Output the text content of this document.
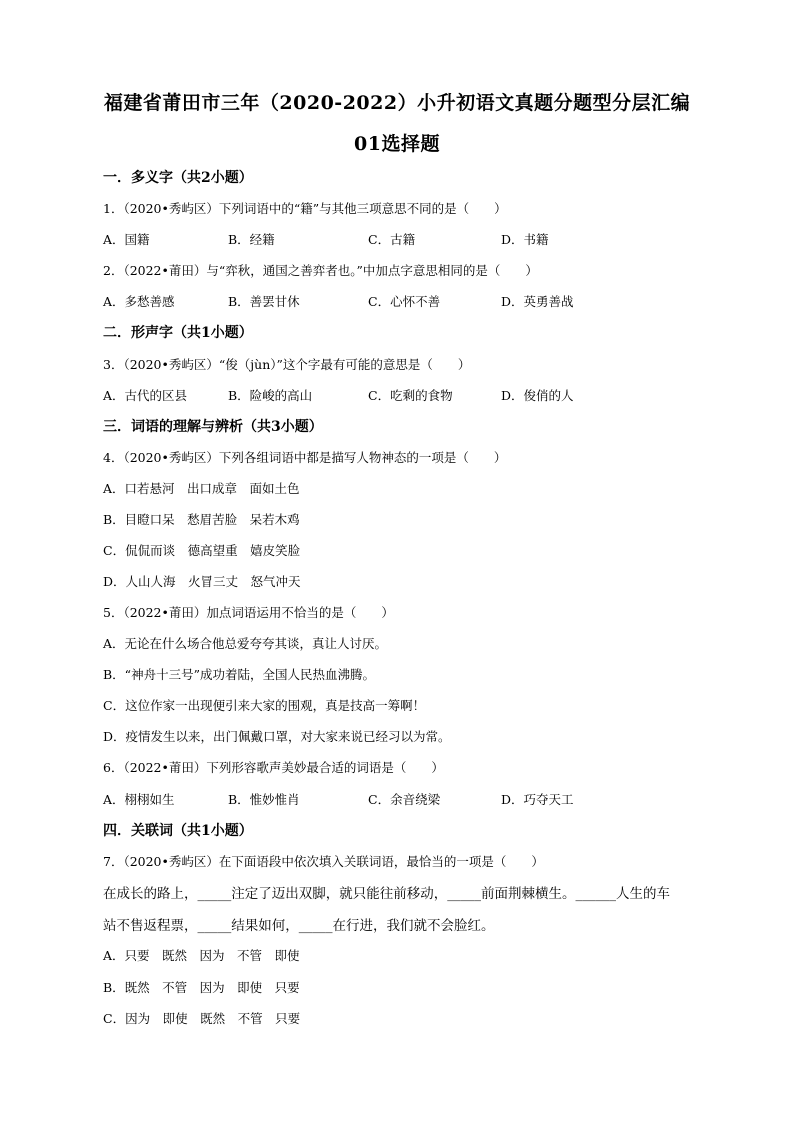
福建省莆田市三年（2020-2022）小升初语文真题分题型分层汇编
01选择题
一．多义字（共2小题）
1．（2020•秀屿区）下列词语中的“籍”与其他三项意思不同的是（　　）
A．国籍	B．经籍	C．古籍	D．书籍
2．（2022•莆田）与“弈秋，通国之善弈者也。”中加点字意思相同的是（　　）
A．多愁善感	B．善罢甘休	C．心怀不善	D．英勇善战
二．形声字（共1小题）
3．（2020•秀屿区）“俊（jùn）”这个字最有可能的意思是（　　）
A．古代的区县	B．险峻的高山	C．吃剩的食物	D．俊俏的人
三．词语的理解与辨析（共3小题）
4．（2020•秀屿区）下列各组词语中都是描写人物神态的一项是（　　）
A．口若悬河　出口成章　面如土色
B．目瞪口呆　愁眉苦脸　呆若木鸡
C．侃侃而谈　德高望重　嬉皮笑脸
D．人山人海　火冒三丈　怒气冲天
5．（2022•莆田）加点词语运用不恰当的是（　　）
A．无论在什么场合他总爱夸夸其谈，真让人讨厌。
B．“神舟十三号”成功着陆，全国人民热血沸腾。
C．这位作家一出现便引来大家的围观，真是技高一筹啊！
D．疫情发生以来，出门佩戴口罩，对大家来说已经习以为常。
6．（2022•莆田）下列形容歌声美妙最合适的词语是（　　）
A．栩栩如生	B．惟妙惟肖	C．余音绕梁	D．巧夺天工
四．关联词（共1小题）
7．（2020•秀屿区）在下面语段中依次填入关联词语，最恰当的一项是（　　）
在成长的路上，_____注定了迈出双脚，就只能往前移动，_____前面荆棘横生。______人生的车
站不售返程票，_____结果如何，_____在行进，我们就不会脸红。
A．只要　既然　因为　不管　即使
B．既然　不管　因为　即使　只要
C．因为　即使　既然　不管　只要
